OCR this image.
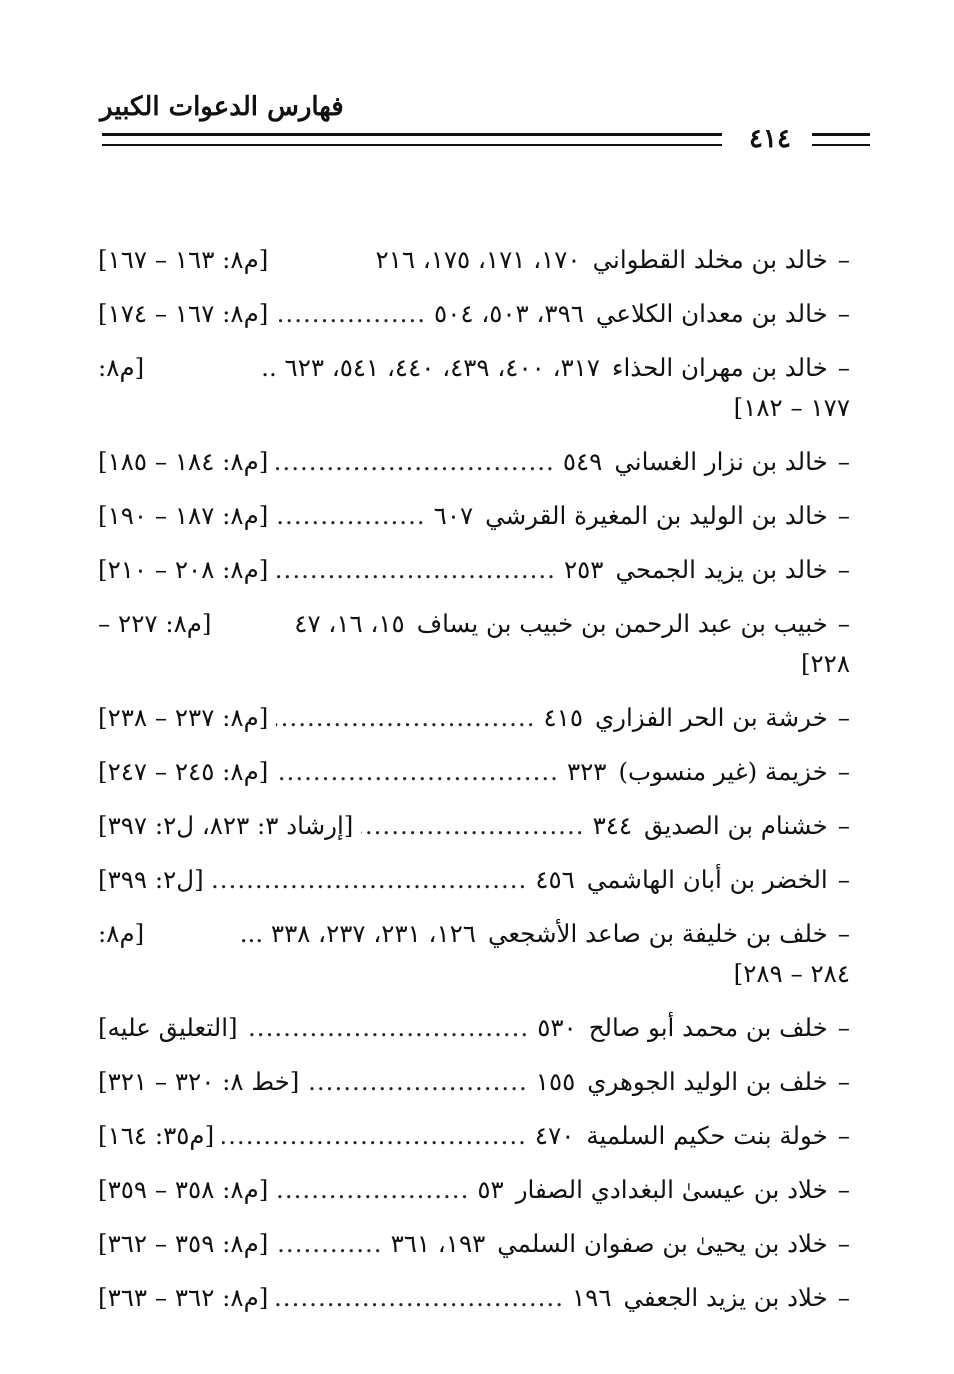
فهارس الدعوات الكبير
٤١٤
–
خالد بن مخلد القطواني
١٧٠، ١٧١، ١٧٥، ٢١٦
[م٨: ١٦٣ – ١٦٧]
–
خالد بن معدان الكلاعي
٣٩٦، ٥٠٣، ٥٠٤
.....
[م٨: ١٦٧ – ١٧٤]
–
خالد بن مهران الحذاء
٣١٧، ٤٠٠، ٤٣٩، ٤٤٠، ٥٤١، ٦٢٣ ..
[م٨:
١٧٧ – ١٨٢]
–
خالد بن نزار الغساني
٥٤٩
.....
[م٨: ١٨٤ – ١٨٥]
–
خالد بن الوليد بن المغيرة القرشي
٦٠٧
.....
[م٨: ١٨٧ – ١٩٠]
–
خالد بن يزيد الجمحي
٢٥٣
.....
[م٨: ٢٠٨ – ٢١٠]
–
خبيب بن عبد الرحمن بن خبيب بن يساف
١٥، ١٦، ٤٧
[م٨: ٢٢٧ –
٢٢٨]
–
خرشة بن الحر الفزاري
٤١٥
.....
[م٨: ٢٣٧ – ٢٣٨]
–
خزيمة (غير منسوب)
٣٢٣
.....
[م٨: ٢٤٥ – ٢٤٧]
–
خشنام بن الصديق
٣٤٤
.....
[إرشاد ٣: ٨٢٣، ل٢: ٣٩٧]
–
الخضر بن أبان الهاشمي
٤٥٦
.....
[ل٢: ٣٩٩]
–
خلف بن خليفة بن صاعد الأشجعي
١٢٦، ٢٣١، ٢٣٧، ٣٣٨ ...
[م٨:
٢٨٤ – ٢٨٩]
–
خلف بن محمد أبو صالح
٥٣٠
.....
[التعليق عليه]
–
خلف بن الوليد الجوهري
١٥٥
.....
[خط ٨: ٣٢٠ – ٣٢١]
–
خولة بنت حكيم السلمية
٤٧٠
.....
[م٣٥: ١٦٤]
–
خلاد بن عيسىٰ البغدادي الصفار
٥٣
.....
[م٨: ٣٥٨ – ٣٥٩]
–
خلاد بن يحيىٰ بن صفوان السلمي
١٩٣، ٣٦١
.....
[م٨: ٣٥٩ – ٣٦٢]
–
خلاد بن يزيد الجعفي
١٩٦
.....
[م٨: ٣٦٢ – ٣٦٣]
